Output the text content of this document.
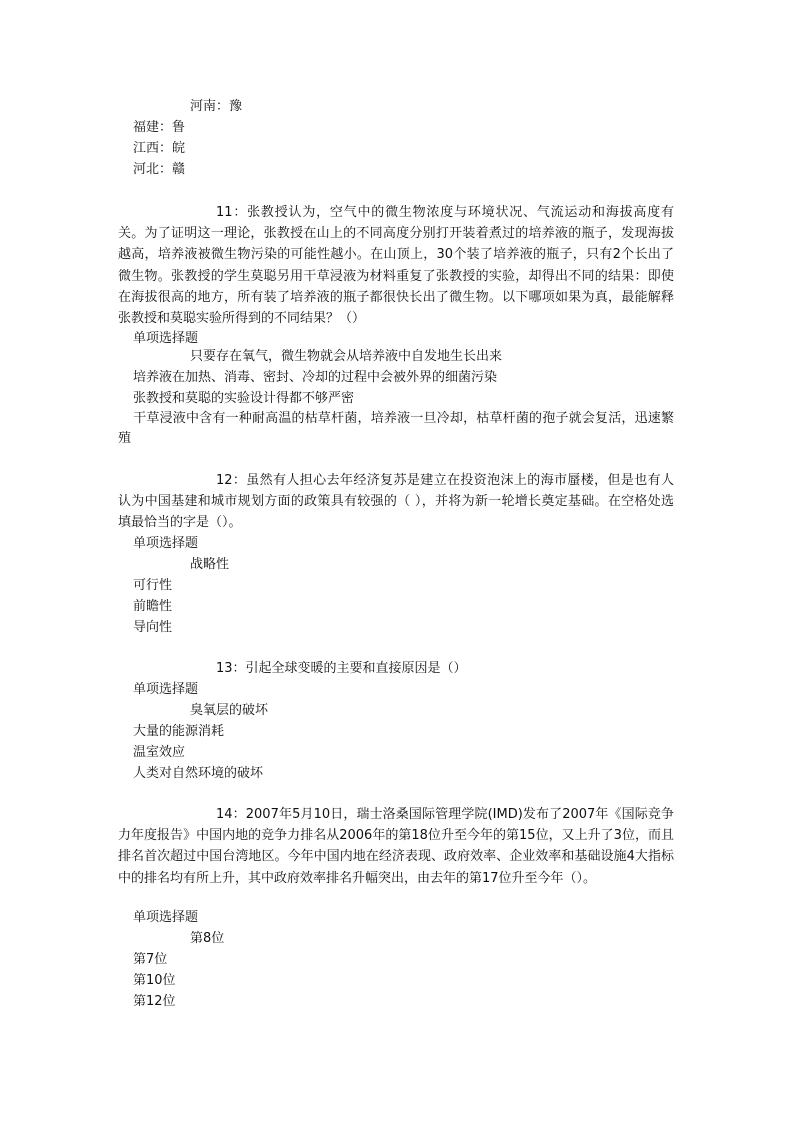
河南：豫
福建：鲁
江西：皖
河北：赣
11：张教授认为，空气中的微生物浓度与环境状况、气流运动和海拔高度有关。为了证明这一理论，张教授在山上的不同高度分别打开装着煮过的培养液的瓶子，发现海拔越高，培养液被微生物污染的可能性越小。在山顶上，30个装了培养液的瓶子，只有2个长出了微生物。张教授的学生莫聪另用干草浸液为材料重复了张教授的实验，却得出不同的结果：即使在海拔很高的地方，所有装了培养液的瓶子都很快长出了微生物。以下哪项如果为真，最能解释张教授和莫聪实验所得到的不同结果？（）
单项选择题
只要存在氧气，微生物就会从培养液中自发地生长出来
培养液在加热、消毒、密封、冷却的过程中会被外界的细菌污染
张教授和莫聪的实验设计得都不够严密
干草浸液中含有一种耐高温的枯草杆菌，培养液一旦冷却，枯草杆菌的孢子就会复活，迅速繁殖
12：虽然有人担心去年经济复苏是建立在投资泡沫上的海市蜃楼，但是也有人认为中国基建和城市规划方面的政策具有较强的（ ），并将为新一轮增长奠定基础。在空格处选填最恰当的字是（）。
单项选择题
战略性
可行性
前瞻性
导向性
13：引起全球变暖的主要和直接原因是（）
单项选择题
臭氧层的破坏
大量的能源消耗
温室效应
人类对自然环境的破坏
14：2007年5月10日，瑞士洛桑国际管理学院(IMD)发布了2007年《国际竞争力年度报告》中国内地的竞争力排名从2006年的第18位升至今年的第15位，又上升了3位，而且排名首次超过中国台湾地区。今年中国内地在经济表现、政府效率、企业效率和基础设施4大指标中的排名均有所上升，其中政府效率排名升幅突出，由去年的第17位升至今年（）。
单项选择题
第8位
第7位
第10位
第12位
